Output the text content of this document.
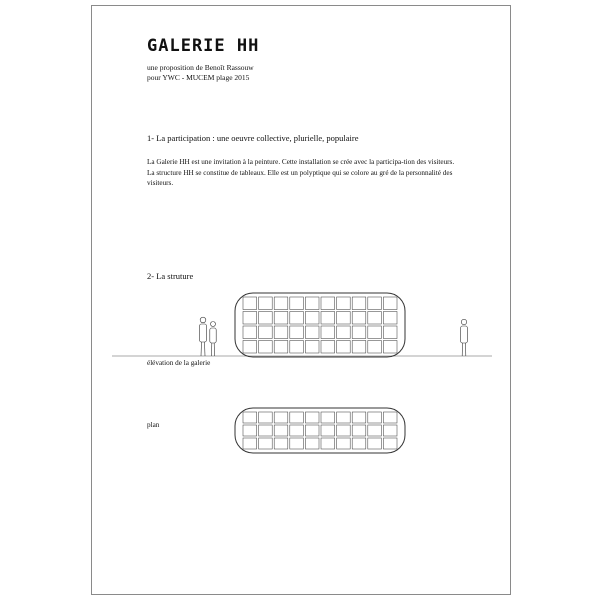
GALERIE HH
une proposition de Benoît Rassouw
pour YWC - MUCEM plage 2015
1- La participation : une oeuvre collective, plurielle, populaire

La Galerie HH est une invitation à la peinture. Cette installation se crée avec la participa-tion des visiteurs.

La structure HH se constitue de tableaux. Elle est un polyptique qui se colore au gré de la personnalité des visiteurs.

2- La struture
élévation de la galerie
plan
